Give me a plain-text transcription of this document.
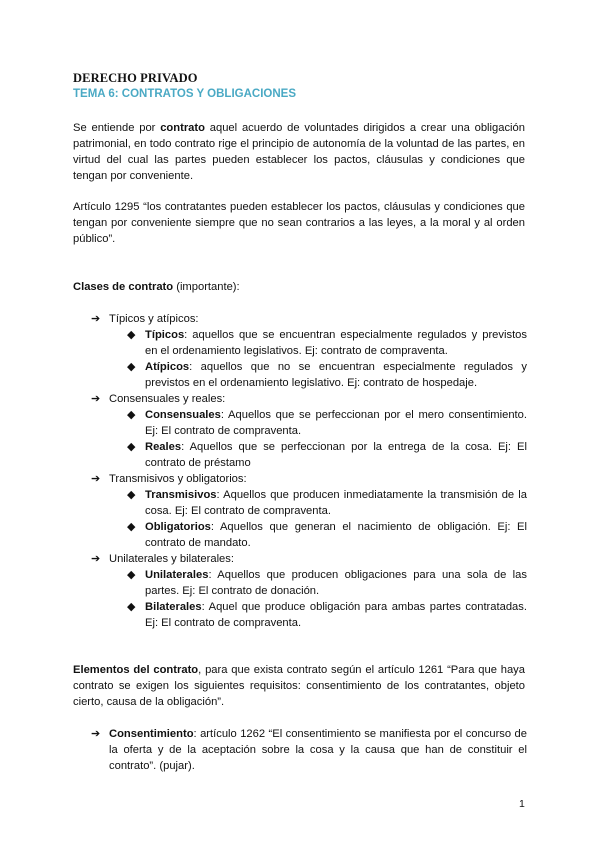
DERECHO PRIVADO
TEMA 6: CONTRATOS Y OBLIGACIONES
Se entiende por contrato aquel acuerdo de voluntades dirigidos a crear una obligación patrimonial, en todo contrato rige el principio de autonomía de la voluntad de las partes, en virtud del cual las partes pueden establecer los pactos, cláusulas y condiciones que tengan por conveniente.
Artículo 1295 “los contratantes pueden establecer los pactos, cláusulas y condiciones que tengan por conveniente siempre que no sean contrarios a las leyes, a la moral y al orden público”.
Clases de contrato (importante):
➔ Típicos y atípicos:
◆ Típicos: aquellos que se encuentran especialmente regulados y previstos en el ordenamiento legislativos. Ej: contrato de compraventa.
◆ Atípicos: aquellos que no se encuentran especialmente regulados y previstos en el ordenamiento legislativo. Ej: contrato de hospedaje.
➔ Consensuales y reales:
◆ Consensuales: Aquellos que se perfeccionan por el mero consentimiento. Ej: El contrato de compraventa.
◆ Reales: Aquellos que se perfeccionan por la entrega de la cosa. Ej: El contrato de préstamo
➔ Transmisivos y obligatorios:
◆ Transmisivos: Aquellos que producen inmediatamente la transmisión de la cosa. Ej: El contrato de compraventa.
◆ Obligatorios: Aquellos que generan el nacimiento de obligación. Ej: El contrato de mandato.
➔ Unilaterales y bilaterales:
◆ Unilaterales: Aquellos que producen obligaciones para una sola de las partes. Ej: El contrato de donación.
◆ Bilaterales: Aquel que produce obligación para ambas partes contratadas. Ej: El contrato de compraventa.
Elementos del contrato, para que exista contrato según el artículo 1261 “Para que haya contrato se exigen los siguientes requisitos: consentimiento de los contratantes, objeto cierto, causa de la obligación”.
➔ Consentimiento: artículo 1262 “El consentimiento se manifiesta por el concurso de la oferta y de la aceptación sobre la cosa y la causa que han de constituir el contrato”. (pujar).
1
